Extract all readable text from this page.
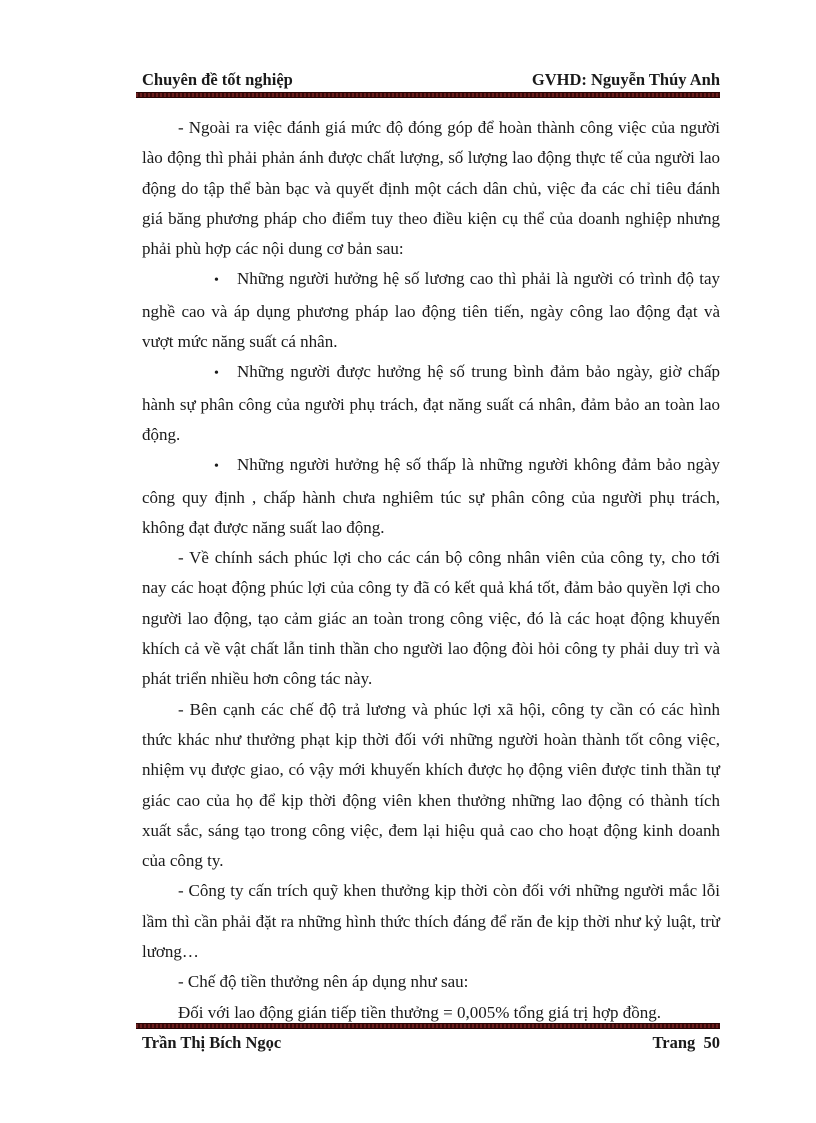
Chuyên đề tốt nghiệp	GVHD: Nguyễn Thúy Anh

- Ngoài ra việc đánh giá mức độ đóng góp để hoàn thành công việc của người lào động thì phải phản ánh được chất lượng, số lượng lao động thực tế của người lao động do tập thể bàn bạc và quyết định một cách dân chủ, việc đa các chỉ tiêu đánh giá băng phương pháp cho điểm tuy theo điều kiện cụ thể của doanh nghiệp nhưng phải phù hợp các nội dung cơ bản sau:

• Những người hưởng hệ số lương cao thì phải là người có trình độ tay nghề cao và áp dụng phương pháp lao động tiên tiến, ngày công lao động đạt và vượt mức năng suất cá nhân.

• Những người được hưởng hệ số trung bình đảm bảo ngày, giờ chấp hành sự phân công của người phụ trách, đạt năng suất cá nhân, đảm bảo an toàn lao động.

• Những người hưởng hệ số thấp là những người không đảm bảo ngày công quy định , chấp hành chưa nghiêm túc sự phân công của người phụ trách, không đạt được năng suất lao động.

- Về chính sách phúc lợi cho các cán bộ công nhân viên của công ty, cho tới nay các hoạt động phúc lợi của công ty đã có kết quả khá tốt, đảm bảo quyền lợi cho người lao động, tạo cảm giác an toàn trong công việc, đó là các hoạt động khuyến khích cả về vật chất lẫn tinh thần cho người lao động đòi hỏi công ty phải duy trì và phát triển nhiều hơn công tác này.

- Bên cạnh các chế độ trả lương và phúc lợi xã hội, công ty cần có các hình thức khác như thưởng phạt kịp thời đối với những người hoàn thành tốt công việc, nhiệm vụ được giao, có vậy mới khuyến khích được họ động viên được tinh thần tự giác cao của họ để kịp thời động viên khen thưởng những lao động có thành tích xuất sắc, sáng tạo trong công việc, đem lại hiệu quả cao cho hoạt động kinh doanh của công ty.

- Công ty cấn trích quỹ khen thưởng kịp thời còn đối với những người mắc lỗi lầm thì cần phải đặt ra những hình thức thích đáng để răn đe kịp thời như kỷ luật, trừ lương…

- Chế độ tiền thưởng nên áp dụng như sau:

Đối với lao động gián tiếp tiền thưởng = 0,005% tổng giá trị hợp đồng.

Trần Thị Bích Ngọc	Trang 50
